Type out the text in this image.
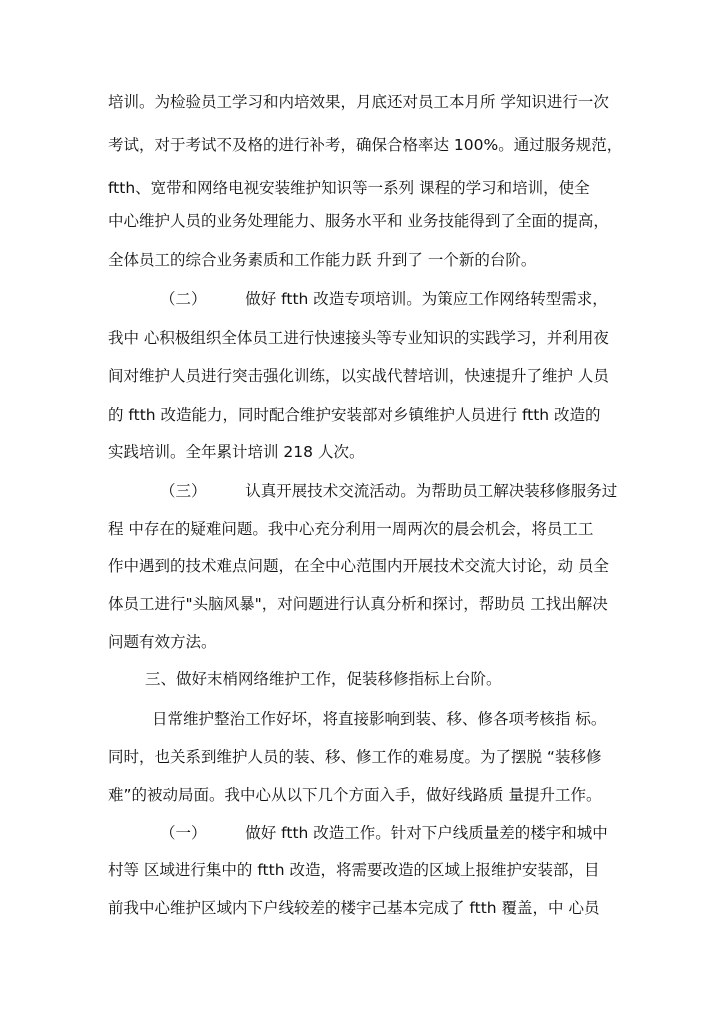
培训。为检验员工学习和内培效果，月底还对员工本月所 学知识进行一次
考试，对于考试不及格的进行补考，确保合格率达 100%。通过服务规范，
ftth、宽带和网络电视安装维护知识等一系列 课程的学习和培训，使全
中心维护人员的业务处理能力、服务水平和 业务技能得到了全面的提高，
全体员工的综合业务素质和工作能力跃 升到了 一个新的台阶。
（二）　　　做好 ftth 改造专项培训。为策应工作网络转型需求，
我中 心积极组织全体员工进行快速接头等专业知识的实践学习，并利用夜
间对维护人员进行突击强化训练，以实战代替培训，快速提升了维护 人员
的 ftth 改造能力，同时配合维护安装部对乡镇维护人员进行 ftth 改造的
实践培训。全年累计培训 218 人次。
（三）　　　认真开展技术交流活动。为帮助员工解决装移修服务过
程 中存在的疑难问题。我中心充分利用一周两次的晨会机会，将员工工
作中遇到的技术难点问题，在全中心范围内开展技术交流大讨论，动 员全
体员工进行"头脑风暴"，对问题进行认真分析和探讨，帮助员 工找出解决
问题有效方法。
三、做好末梢网络维护工作，促装移修指标上台阶。
日常维护整治工作好坏，将直接影响到装、移、修各项考核指 标。
同时，也关系到维护人员的装、移、修工作的难易度。为了摆脱 “装移修
难”的被动局面。我中心从以下几个方面入手，做好线路质 量提升工作。
（一）　　　做好 ftth 改造工作。针对下户线质量差的楼宇和城中
村等 区域进行集中的 ftth 改造，将需要改造的区域上报维护安装部，目
前我中心维护区域内下户线较差的楼宇己基本完成了 ftth 覆盖，中 心员
